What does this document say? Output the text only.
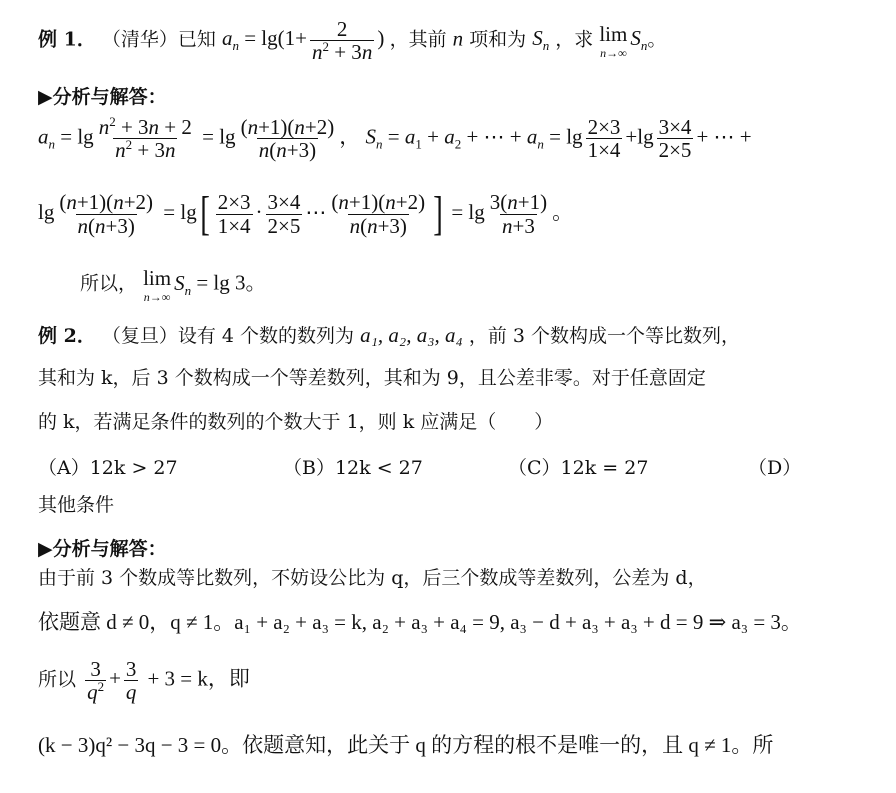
例 1． （清华）已知 $a_n = \lg(1+ \frac{2}{n^2 + 3n}$ ) ，其前 n 项和为 $S_n$ ，求 lim
n→∞
$S_n$。
▶分析与解答：
$a_n = \lg \frac{n^2 + 3n + 2}{n^2 + 3n} = \lg \frac{(n+1)(n+2)}{n(n+3)}$ ， $S_n = a_1 + a_2$ + ⋯ + $a_n = \lg \frac{2\times 3}{1\times 4} +\lg \frac{3\times 4}{2\times 5}$ + ⋯ +
$\lg \frac{(n+1)(n+2)}{n(n+3)} = \lg[ \frac{2\times 3}{1\times 4} \cdot \frac{3\times 4}{2\times 5}$ ⋯ $\frac{(n+1)(n+2)}{n(n+3)}$ ] = $\lg \frac{3(n+1)}{n+3}$ 。
所以， lim
n→∞
$S_n = \lg 3$。
例 2． （复旦）设有 4 个数的数列为 a₁, a₂, a₃, a₄ ，前 3 个数构成一个等比数列，
其和为 k，后 3 个数构成一个等差数列，其和为 9，且公差非零。对于任意固定
的 k，若满足条件的数列的个数大于 1，则 k 应满足（　　）
（A）12k > 27	（B）12k < 27	（C）12k = 27	（D）
其他条件
▶分析与解答：
由于前 3 个数成等比数列，不妨设公比为 q，后三个数成等差数列，公差为 d，
依题意 d ≠ 0，q ≠ 1。a₁ + a₂ + a₃ = k, a₂ + a₃ + a₄ = 9, a₃ − d + a₃ + a₃ + d = 9 ⇒ a₃ = 3。
所以 $\frac{3}{q^2} + \frac{3}{q} + 3 = k$，即
(k − 3)q² − 3q − 3 = 0。依题意知，此关于 q 的方程的根不是唯一的，且 q ≠ 1。所
